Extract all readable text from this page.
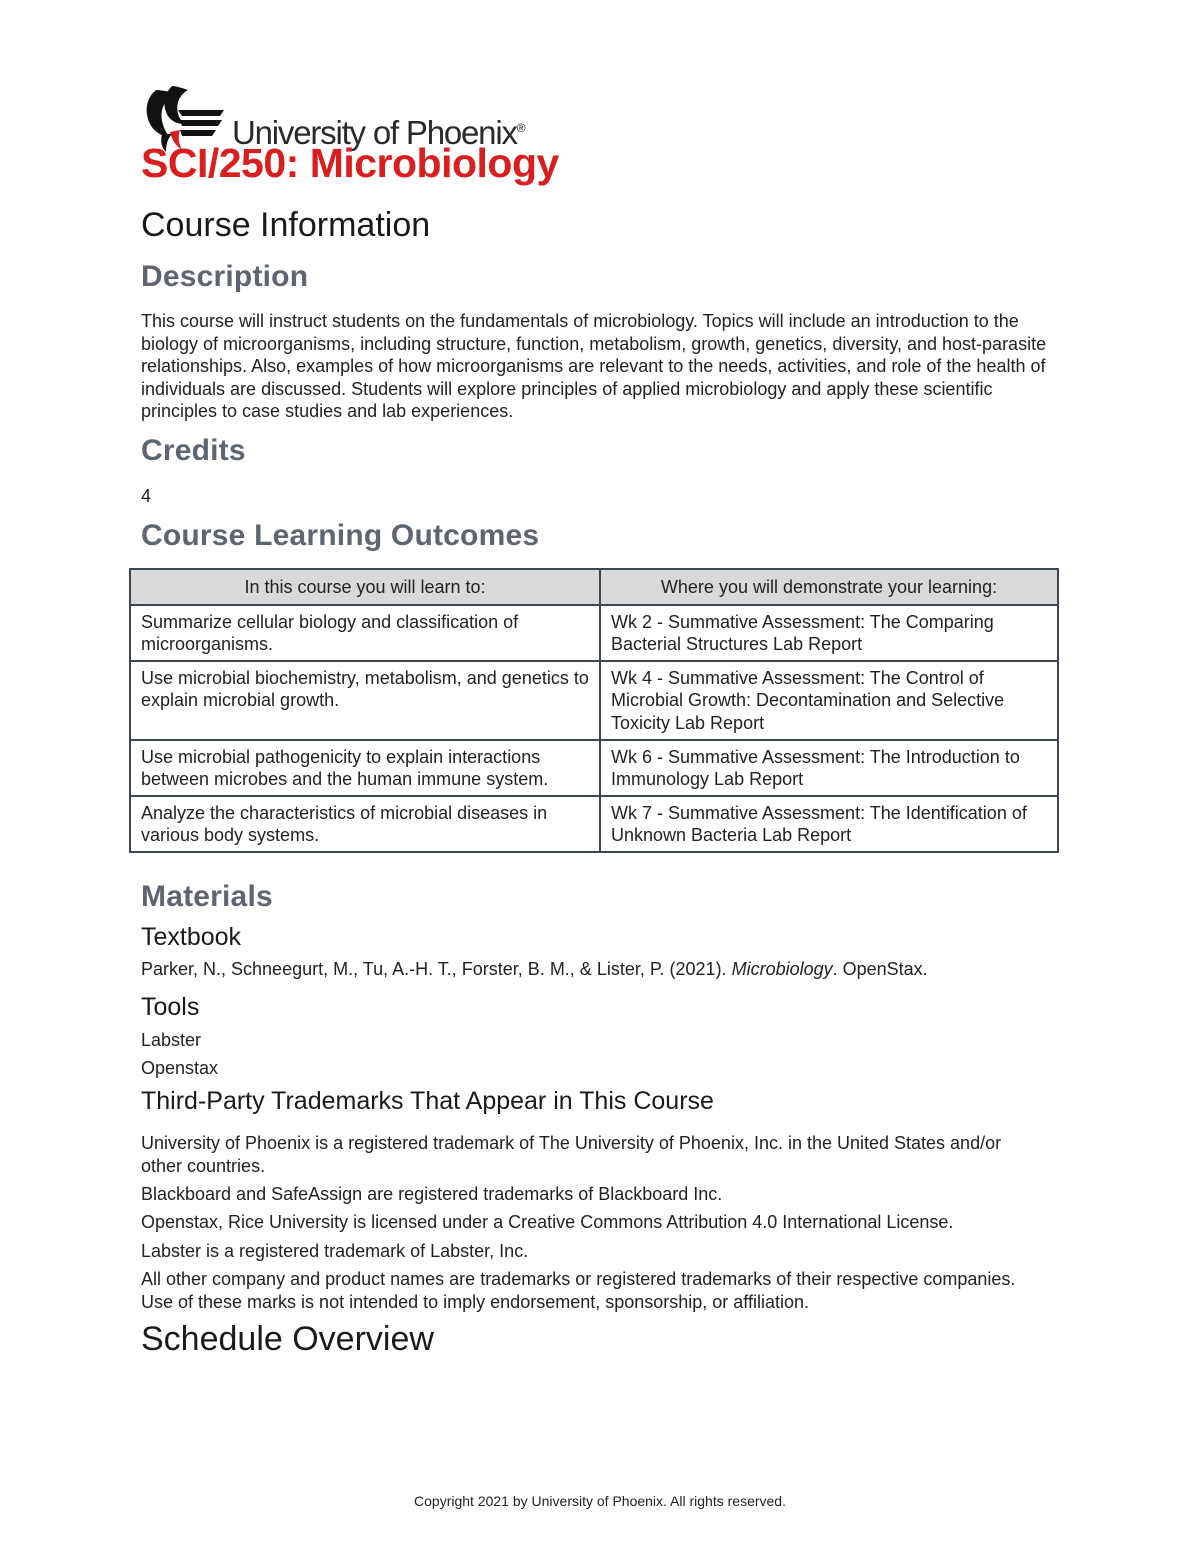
University of Phoenix®
SCI/250: Microbiology
Course Information
Description

This course will instruct students on the fundamentals of microbiology. Topics will include an introduction to the biology of microorganisms, including structure, function, metabolism, growth, genetics, diversity, and host-parasite relationships. Also, examples of how microorganisms are relevant to the needs, activities, and role of the health of individuals are discussed. Students will explore principles of applied microbiology and apply these scientific principles to case studies and lab experiences.

Credits

4

Course Learning Outcomes
In this course you will learn to:	Where you will demonstrate your learning:
Summarize cellular biology and classification of microorganisms.	Wk 2 - Summative Assessment: The Comparing Bacterial Structures Lab Report
Use microbial biochemistry, metabolism, and genetics to explain microbial growth.	Wk 4 - Summative Assessment: The Control of Microbial Growth: Decontamination and Selective Toxicity Lab Report
Use microbial pathogenicity to explain interactions between microbes and the human immune system.	Wk 6 - Summative Assessment: The Introduction to Immunology Lab Report
Analyze the characteristics of microbial diseases in various body systems.	Wk 7 - Summative Assessment: The Identification of Unknown Bacteria Lab Report
Materials
Textbook

Parker, N., Schneegurt, M., Tu, A.-H. T., Forster, B. M., & Lister, P. (2021). Microbiology. OpenStax.

Tools

Labster

Openstax

Third-Party Trademarks That Appear in This Course

University of Phoenix is a registered trademark of The University of Phoenix, Inc. in the United States and/or other countries.

Blackboard and SafeAssign are registered trademarks of Blackboard Inc.

Openstax, Rice University is licensed under a Creative Commons Attribution 4.0 International License.

Labster is a registered trademark of Labster, Inc.

All other company and product names are trademarks or registered trademarks of their respective companies. Use of these marks is not intended to imply endorsement, sponsorship, or affiliation.

Schedule Overview
Copyright 2021 by University of Phoenix. All rights reserved.
